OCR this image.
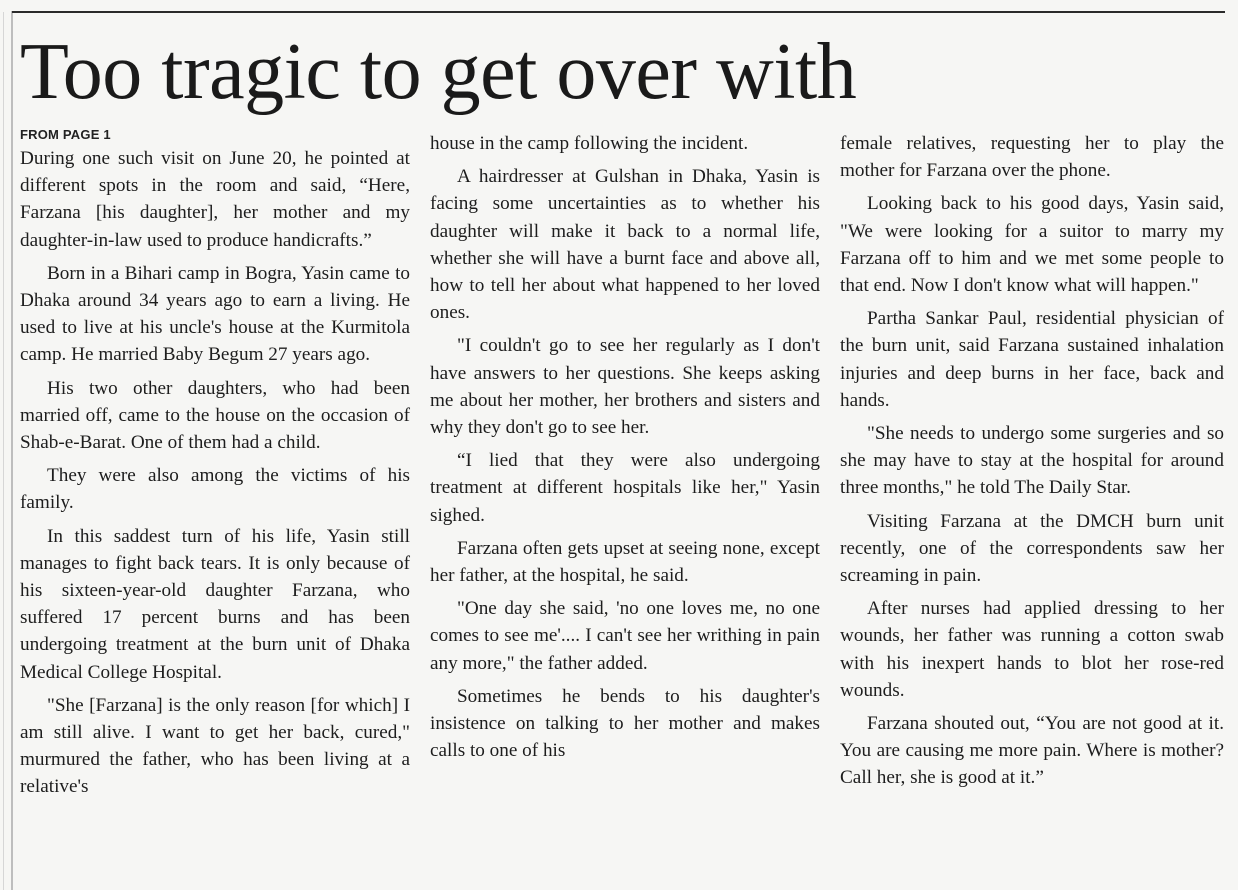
Too tragic to get over with
FROM PAGE 1

During one such visit on June 20, he pointed at different spots in the room and said, “Here, Farzana [his daughter], her mother and my daughter-in-law used to produce handicrafts.”

Born in a Bihari camp in Bogra, Yasin came to Dhaka around 34 years ago to earn a living. He used to live at his uncle's house at the Kurmitola camp. He married Baby Begum 27 years ago.

His two other daughters, who had been married off, came to the house on the occasion of Shab-e-Barat. One of them had a child.

They were also among the victims of his family.

In this saddest turn of his life, Yasin still manages to fight back tears. It is only because of his sixteen-year-old daughter Farzana, who suffered 17 percent burns and has been undergoing treatment at the burn unit of Dhaka Medical College Hospital.

"She [Farzana] is the only reason [for which] I am still alive. I want to get her back, cured," murmured the father, who has been living at a relative's

house in the camp following the incident.

A hairdresser at Gulshan in Dhaka, Yasin is facing some uncertainties as to whether his daughter will make it back to a normal life, whether she will have a burnt face and above all, how to tell her about what happened to her loved ones.

"I couldn't go to see her regularly as I don't have answers to her questions. She keeps asking me about her mother, her brothers and sisters and why they don't go to see her.

“I lied that they were also undergoing treatment at different hospitals like her," Yasin sighed.

Farzana often gets upset at seeing none, except her father, at the hospital, he said.

"One day she said, 'no one loves me, no one comes to see me'.... I can't see her writhing in pain any more," the father added.

Sometimes he bends to his daughter's insistence on talking to her mother and makes calls to one of his

female relatives, requesting her to play the mother for Farzana over the phone.

Looking back to his good days, Yasin said, "We were looking for a suitor to marry my Farzana off to him and we met some people to that end. Now I don't know what will happen."

Partha Sankar Paul, residential physician of the burn unit, said Farzana sustained inhalation injuries and deep burns in her face, back and hands.

"She needs to undergo some surgeries and so she may have to stay at the hospital for around three months," he told The Daily Star.

Visiting Farzana at the DMCH burn unit recently, one of the correspondents saw her screaming in pain.

After nurses had applied dressing to her wounds, her father was running a cotton swab with his inexpert hands to blot her rose-red wounds.

Farzana shouted out, “You are not good at it. You are causing me more pain. Where is mother? Call her, she is good at it.”
